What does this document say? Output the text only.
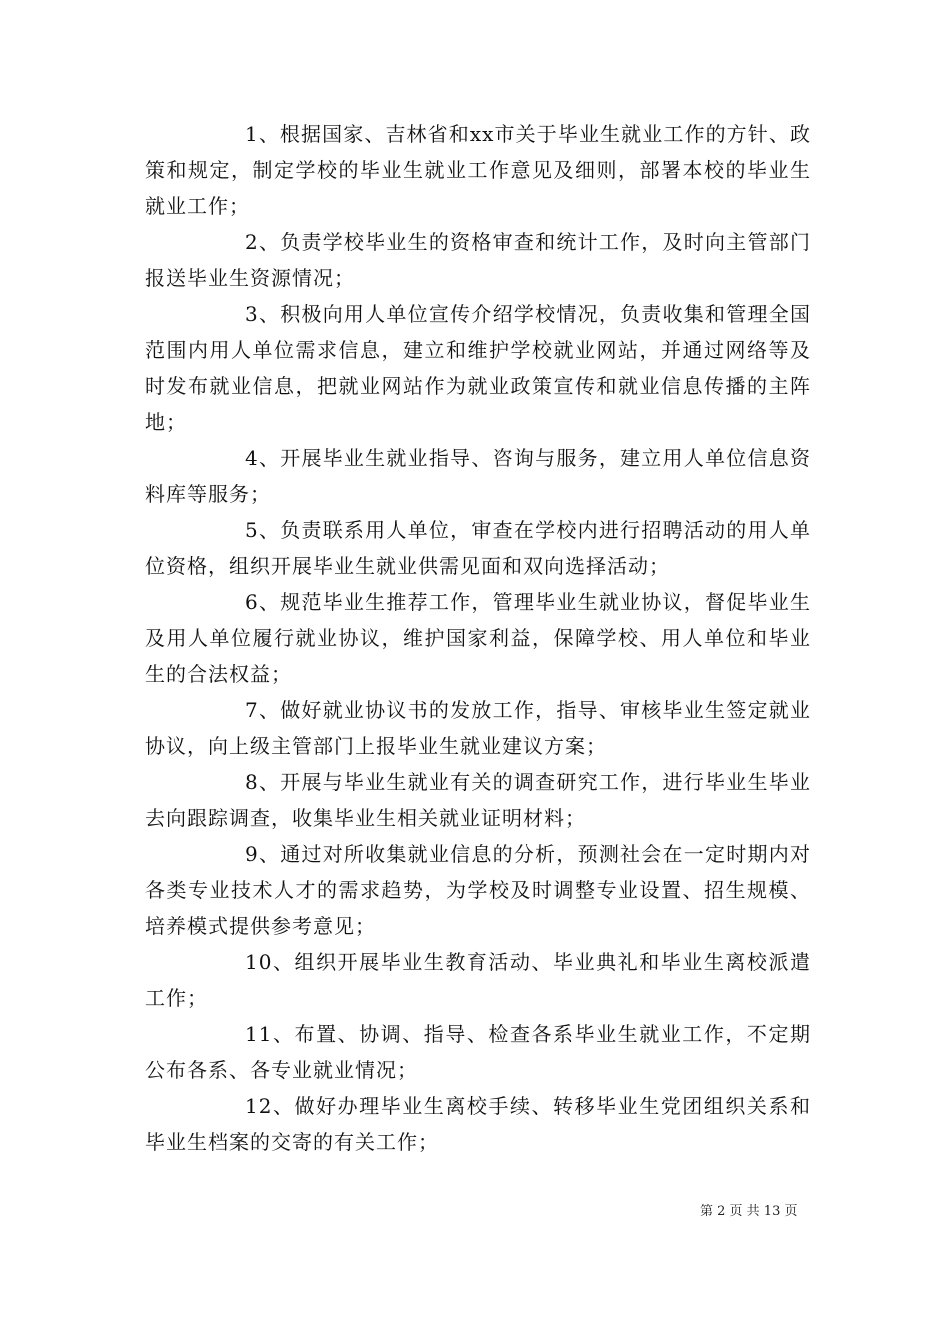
1、根据国家、吉林省和xx市关于毕业生就业工作的方针、政策和规定，制定学校的毕业生就业工作意见及细则，部署本校的毕业生就业工作；

2、负责学校毕业生的资格审查和统计工作，及时向主管部门报送毕业生资源情况；

3、积极向用人单位宣传介绍学校情况，负责收集和管理全国范围内用人单位需求信息，建立和维护学校就业网站，并通过网络等及时发布就业信息，把就业网站作为就业政策宣传和就业信息传播的主阵地；

4、开展毕业生就业指导、咨询与服务，建立用人单位信息资料库等服务；

5、负责联系用人单位，审查在学校内进行招聘活动的用人单位资格，组织开展毕业生就业供需见面和双向选择活动；

6、规范毕业生推荐工作，管理毕业生就业协议，督促毕业生及用人单位履行就业协议，维护国家利益，保障学校、用人单位和毕业生的合法权益；

7、做好就业协议书的发放工作，指导、审核毕业生签定就业协议，向上级主管部门上报毕业生就业建议方案；

8、开展与毕业生就业有关的调查研究工作，进行毕业生毕业去向跟踪调查，收集毕业生相关就业证明材料；

9、通过对所收集就业信息的分析，预测社会在一定时期内对各类专业技术人才的需求趋势，为学校及时调整专业设置、招生规模、培养模式提供参考意见；

10、组织开展毕业生教育活动、毕业典礼和毕业生离校派遣工作；

11、布置、协调、指导、检查各系毕业生就业工作，不定期公布各系、各专业就业情况；

12、做好办理毕业生离校手续、转移毕业生党团组织关系和毕业生档案的交寄的有关工作；

第 2 页 共 13 页
